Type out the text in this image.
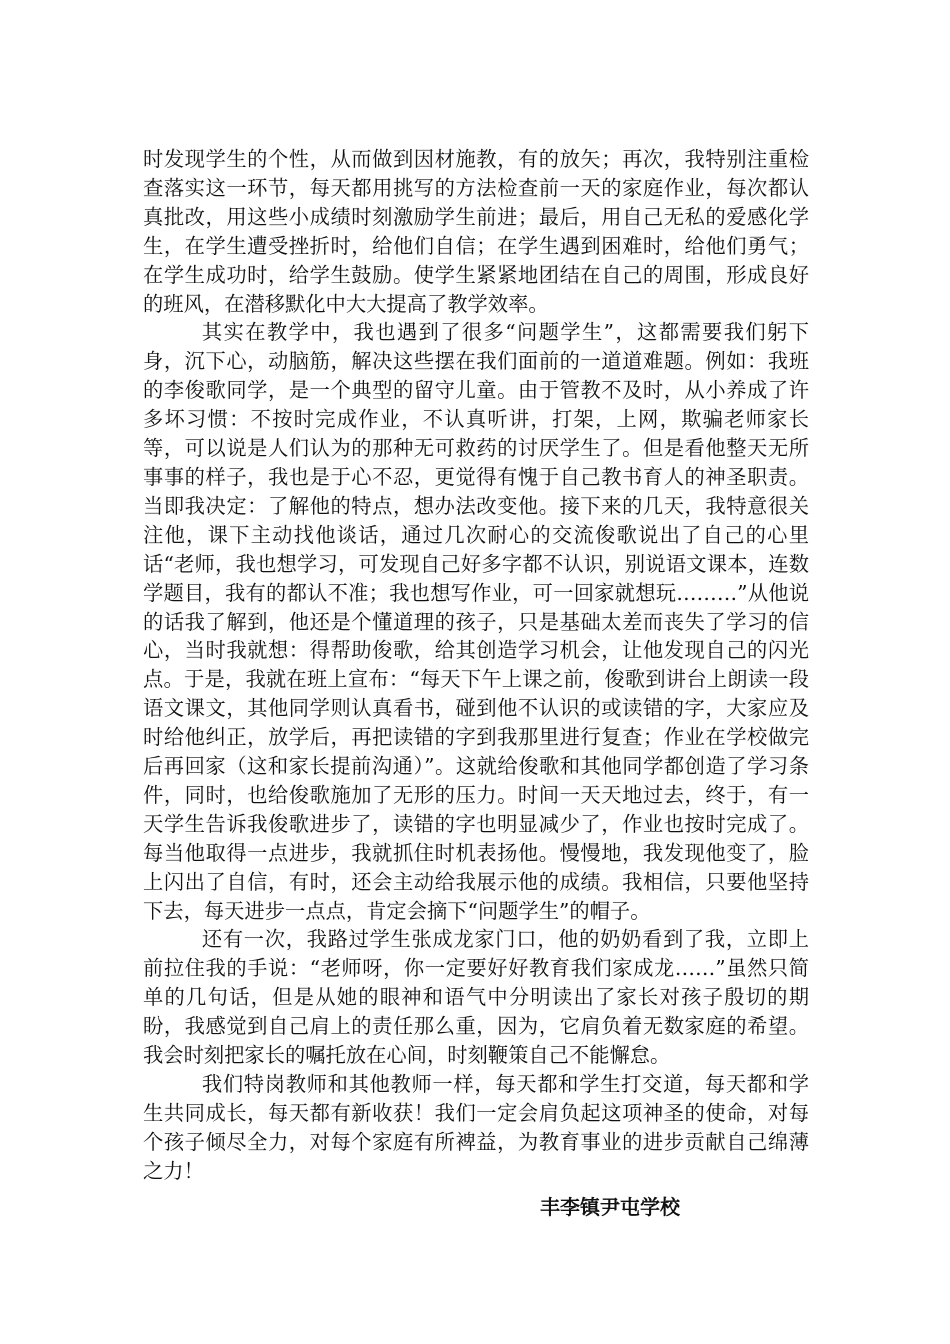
时发现学生的个性，从而做到因材施教，有的放矢；再次，我特别注重检查落实这一环节，每天都用挑写的方法检查前一天的家庭作业，每次都认真批改，用这些小成绩时刻激励学生前进；最后，用自己无私的爱感化学生，在学生遭受挫折时，给他们自信；在学生遇到困难时，给他们勇气；在学生成功时，给学生鼓励。使学生紧紧地团结在自己的周围，形成良好的班风，在潜移默化中大大提高了教学效率。

其实在教学中，我也遇到了很多“问题学生”，这都需要我们躬下身，沉下心，动脑筋，解决这些摆在我们面前的一道道难题。例如：我班的李俊歌同学，是一个典型的留守儿童。由于管教不及时，从小养成了许多坏习惯：不按时完成作业，不认真听讲，打架，上网，欺骗老师家长等，可以说是人们认为的那种无可救药的讨厌学生了。但是看他整天无所事事的样子，我也是于心不忍，更觉得有愧于自己教书育人的神圣职责。当即我决定：了解他的特点，想办法改变他。接下来的几天，我特意很关注他，课下主动找他谈话，通过几次耐心的交流俊歌说出了自己的心里话“老师，我也想学习，可发现自己好多字都不认识，别说语文课本，连数学题目，我有的都认不准；我也想写作业，可一回家就想玩………”从他说的话我了解到，他还是个懂道理的孩子，只是基础太差而丧失了学习的信心，当时我就想：得帮助俊歌，给其创造学习机会，让他发现自己的闪光点。于是，我就在班上宣布：“每天下午上课之前，俊歌到讲台上朗读一段语文课文，其他同学则认真看书，碰到他不认识的或读错的字，大家应及时给他纠正，放学后，再把读错的字到我那里进行复查；作业在学校做完后再回家（这和家长提前沟通）”。这就给俊歌和其他同学都创造了学习条件，同时，也给俊歌施加了无形的压力。时间一天天地过去，终于，有一天学生告诉我俊歌进步了，读错的字也明显减少了，作业也按时完成了。每当他取得一点进步，我就抓住时机表扬他。慢慢地，我发现他变了，脸上闪出了自信，有时，还会主动给我展示他的成绩。我相信，只要他坚持下去，每天进步一点点，肯定会摘下“问题学生”的帽子。

还有一次，我路过学生张成龙家门口，他的奶奶看到了我，立即上前拉住我的手说：“老师呀，你一定要好好教育我们家成龙……”虽然只简单的几句话，但是从她的眼神和语气中分明读出了家长对孩子殷切的期盼，我感觉到自己肩上的责任那么重，因为，它肩负着无数家庭的希望。我会时刻把家长的嘱托放在心间，时刻鞭策自己不能懈怠。

我们特岗教师和其他教师一样，每天都和学生打交道，每天都和学生共同成长，每天都有新收获！我们一定会肩负起这项神圣的使命，对每个孩子倾尽全力，对每个家庭有所裨益，为教育事业的进步贡献自己绵薄之力！

丰李镇尹屯学校
